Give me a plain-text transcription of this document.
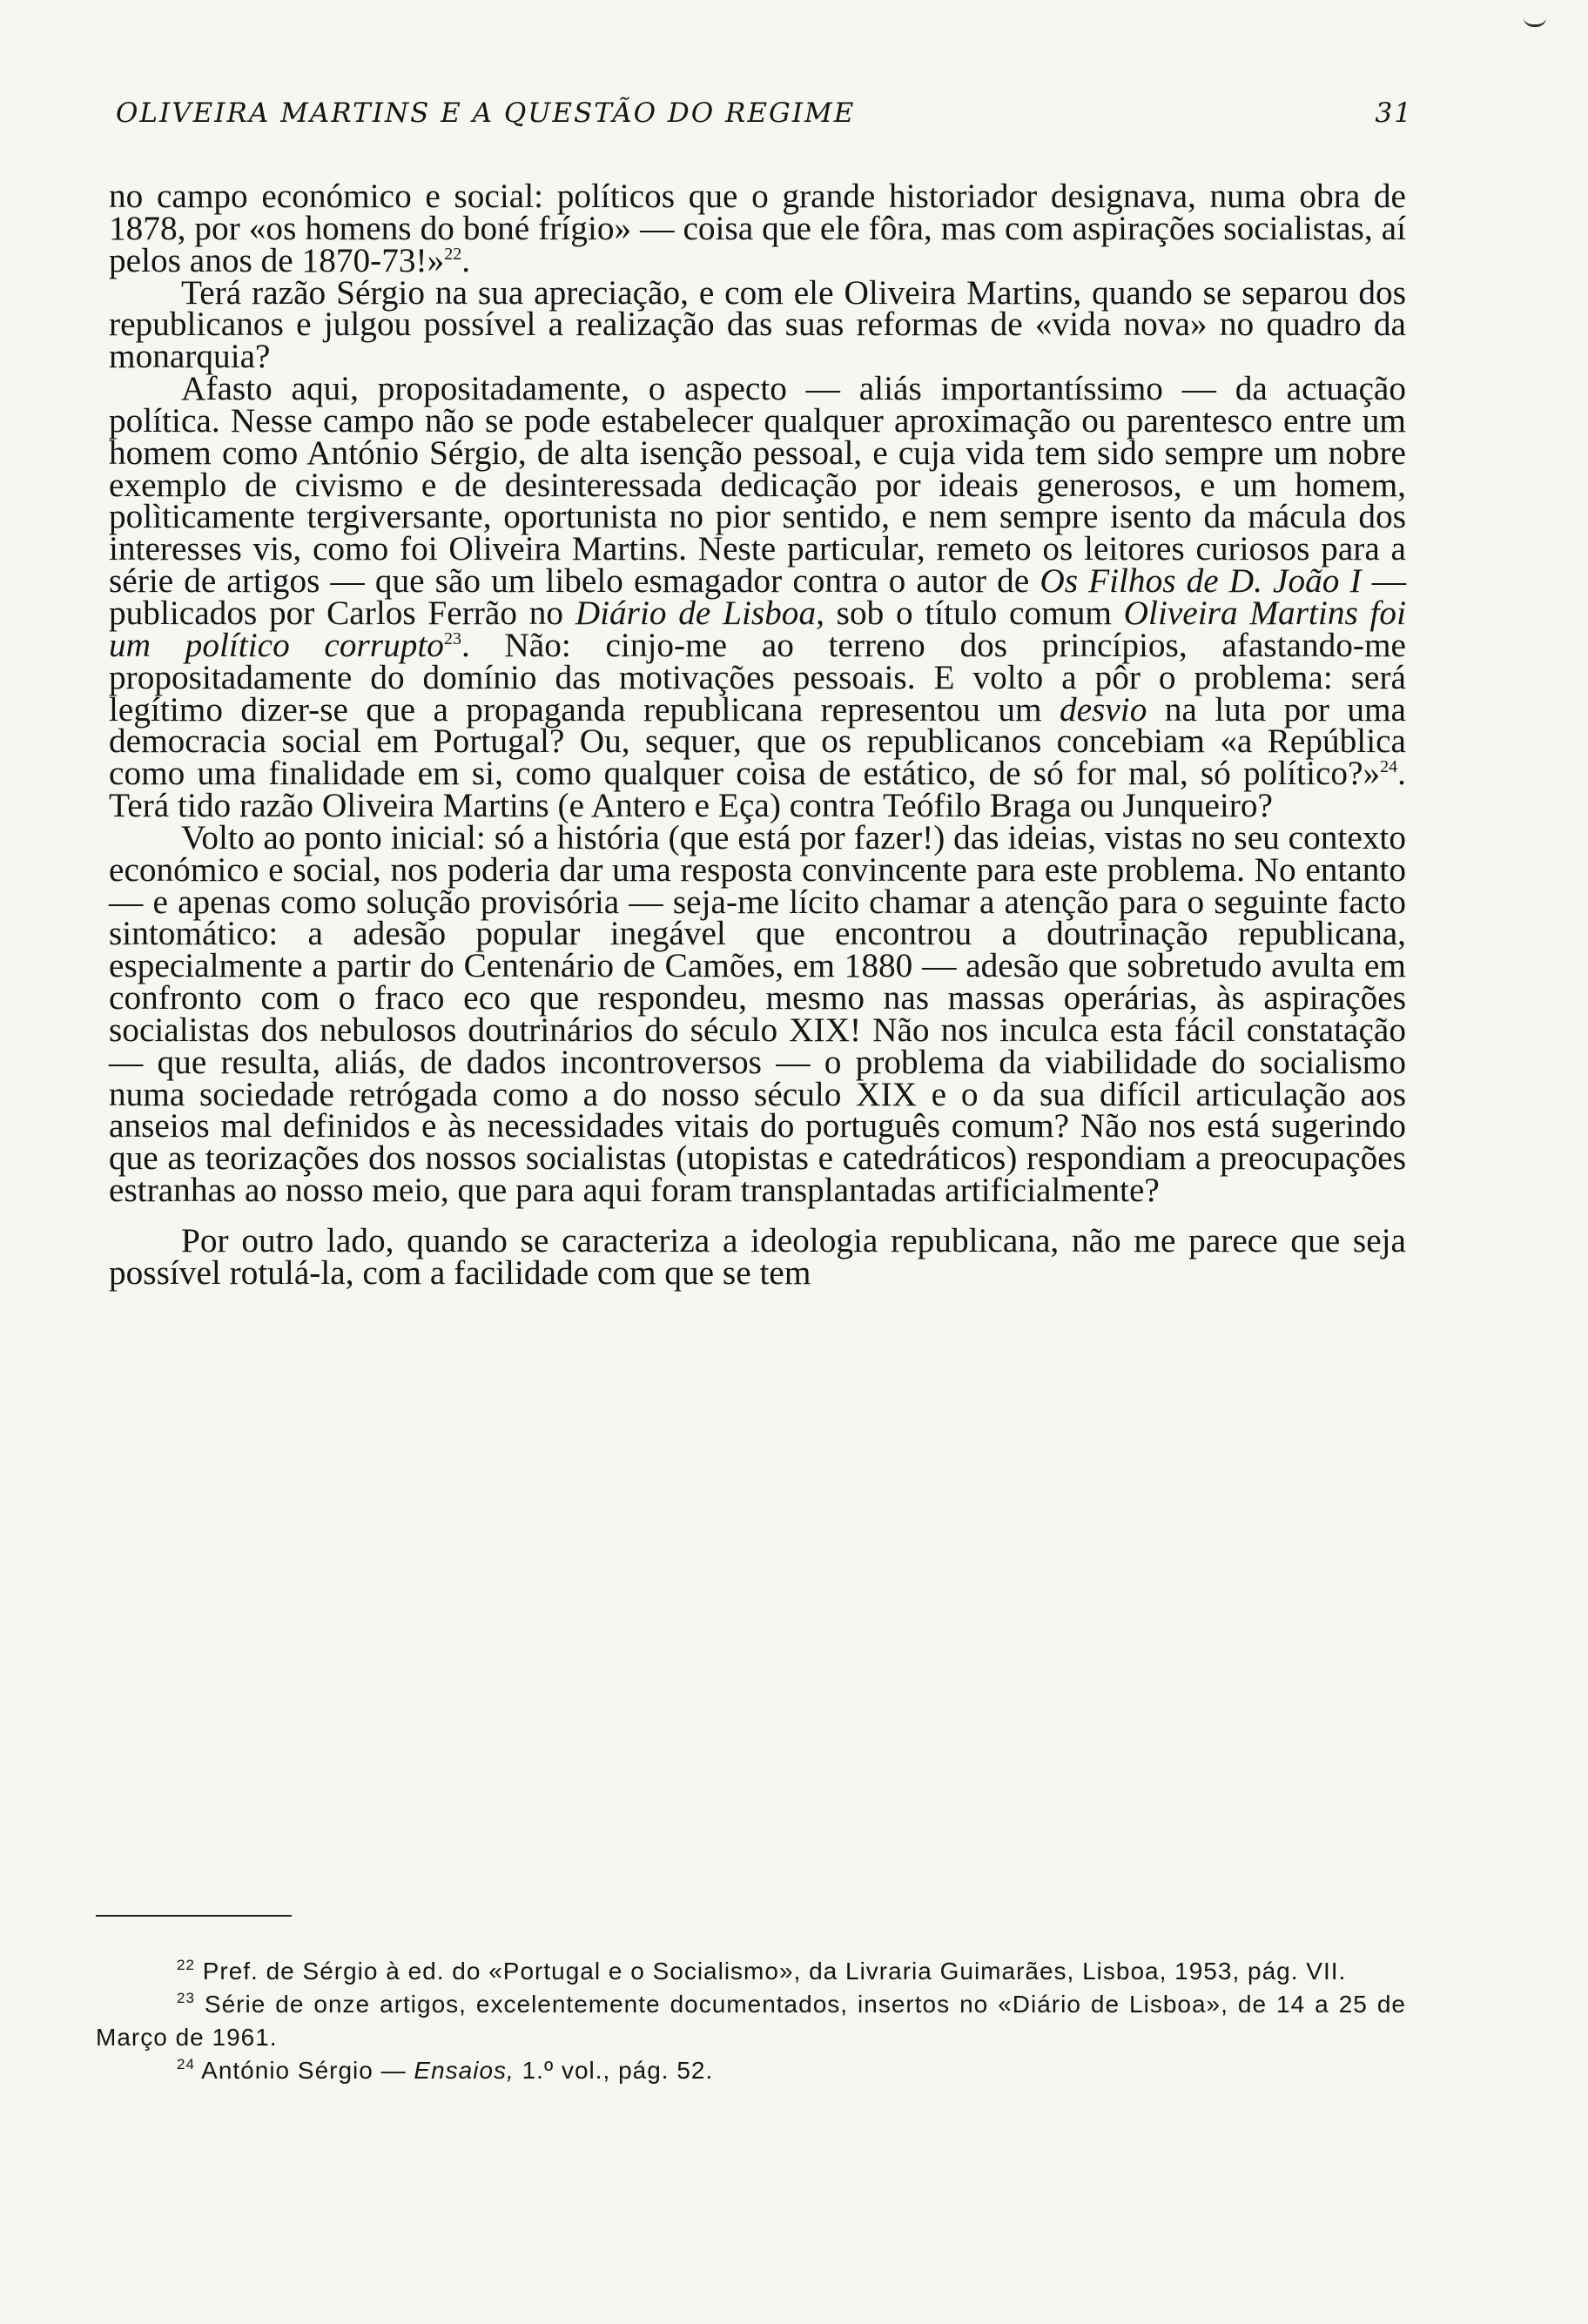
OLIVEIRA MARTINS E A QUESTÃO DO REGIME	31

no campo económico e social: políticos que o grande historiador designava, numa obra de 1878, por «os homens do boné frígio» — coisa que ele fôra, mas com aspirações socialistas, aí pelos anos de 1870-73!»$^{22}$.

Terá razão Sérgio na sua apreciação, e com ele Oliveira Martins, quando se separou dos republicanos e julgou possível a realização das suas reformas de «vida nova» no quadro da monarquia?

Afasto aqui, propositadamente, o aspecto — aliás importantíssimo — da actuação política. Nesse campo não se pode estabelecer qualquer aproximação ou parentesco entre um homem como António Sérgio, de alta isenção pessoal, e cuja vida tem sido sempre um nobre exemplo de civismo e de desinteressada dedicação por ideais generosos, e um homem, polìticamente tergiversante, oportunista no pior sentido, e nem sempre isento da mácula dos interesses vis, como foi Oliveira Martins. Neste particular, remeto os leitores curiosos para a série de artigos — que são um libelo esmagador contra o autor de Os Filhos de D. João I — publicados por Carlos Ferrão no Diário de Lisboa, sob o título comum Oliveira Martins foi um político corrupto$^{23}$. Não: cinjo-me ao terreno dos princípios, afastando-me propositadamente do domínio das motivações pessoais. E volto a pôr o problema: será legítimo dizer-se que a propaganda republicana representou um desvio na luta por uma democracia social em Portugal? Ou, sequer, que os republicanos concebiam «a República como uma finalidade em si, como qualquer coisa de estático, de só for mal, só político?»$^{24}$. Terá tido razão Oliveira Martins (e Antero e Eça) contra Teófilo Braga ou Junqueiro?

Volto ao ponto inicial: só a história (que está por fazer!) das ideias, vistas no seu contexto económico e social, nos poderia dar uma resposta convincente para este problema. No entanto — e apenas como solução provisória — seja-me lícito chamar a atenção para o seguinte facto sintomático: a adesão popular inegável que encontrou a doutrinação republicana, especialmente a partir do Centenário de Camões, em 1880 — adesão que sobretudo avulta em confronto com o fraco eco que respondeu, mesmo nas massas operárias, às aspirações socialistas dos nebulosos doutrinários do século XIX! Não nos inculca esta fácil constatação — que resulta, aliás, de dados incontroversos — o problema da viabilidade do socialismo numa sociedade retrógada como a do nosso século XIX e o da sua difícil articulação aos anseios mal definidos e às necessidades vitais do português comum? Não nos está sugerindo que as teorizações dos nossos socialistas (utopistas e catedráticos) respondiam a preocupações estranhas ao nosso meio, que para aqui foram transplantadas artificialmente?

Por outro lado, quando se caracteriza a ideologia republicana, não me parece que seja possível rotulá-la, com a facilidade com que se tem

$^{22}$ Pref. de Sérgio à ed. do «Portugal e o Socialismo», da Livraria Guimarães, Lisboa, 1953, pág. VII.

$^{23}$ Série de onze artigos, excelentemente documentados, insertos no «Diário de Lisboa», de 14 a 25 de Março de 1961.

$^{24}$ António Sérgio — Ensaios, 1.º vol., pág. 52.
